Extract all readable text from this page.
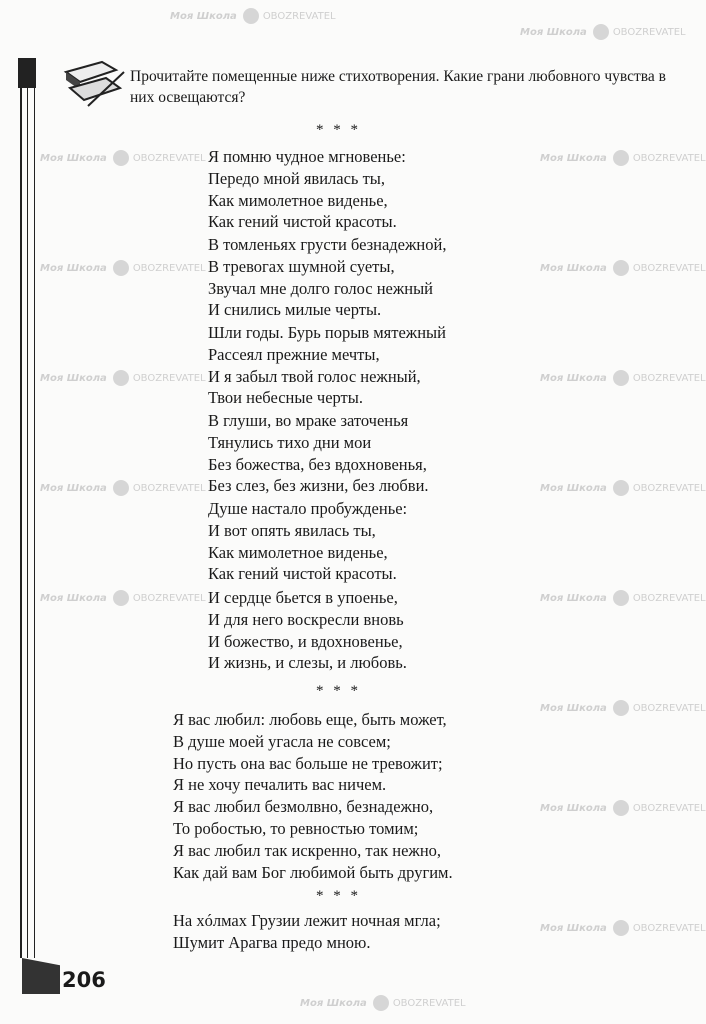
Моя Школа	OBOZREVATEL
Моя Школа	OBOZREVATEL
Моя Школа	OBOZREVATEL	Моя Школа	OBOZREVATEL
Моя Школа	OBOZREVATEL	Моя Школа	OBOZREVATEL
Моя Школа	OBOZREVATEL	Моя Школа	OBOZREVATEL
Моя Школа	OBOZREVATEL	Моя Школа	OBOZREVATEL
Моя Школа	OBOZREVATEL	Моя Школа	OBOZREVATEL
Моя Школа	OBOZREVATEL
Моя Школа	OBOZREVATEL
Моя Школа	OBOZREVATEL
Моя Школа	OBOZREVATEL
Прочитайте помещенные ниже стихотворения. Какие грани любовного чувства в них освещаются?
* * *
Я помню чудное мгновенье:
Передо мной явилась ты,
Как мимолетное виденье,
Как гений чистой красоты.
В томленьях грусти безнадежной,
В тревогах шумной суеты,
Звучал мне долго голос нежный
И снились милые черты.
Шли годы. Бурь порыв мятежный
Рассеял прежние мечты,
И я забыл твой голос нежный,
Твои небесные черты.
В глуши, во мраке заточенья
Тянулись тихо дни мои
Без божества, без вдохновенья,
Без слез, без жизни, без любви.
Душе настало пробужденье:
И вот опять явилась ты,
Как мимолетное виденье,
Как гений чистой красоты.
И сердце бьется в упоенье,
И для него воскресли вновь
И божество, и вдохновенье,
И жизнь, и слезы, и любовь.
* * *
Я вас любил: любовь еще, быть может,
В душе моей угасла не совсем;
Но пусть она вас больше не тревожит;
Я не хочу печалить вас ничем.
Я вас любил безмолвно, безнадежно,
То робостью, то ревностью томим;
Я вас любил так искренно, так нежно,
Как дай вам Бог любимой быть другим.
* * *
На хóлмах Грузии лежит ночная мгла;
Шумит Арагва предо мною.
206
